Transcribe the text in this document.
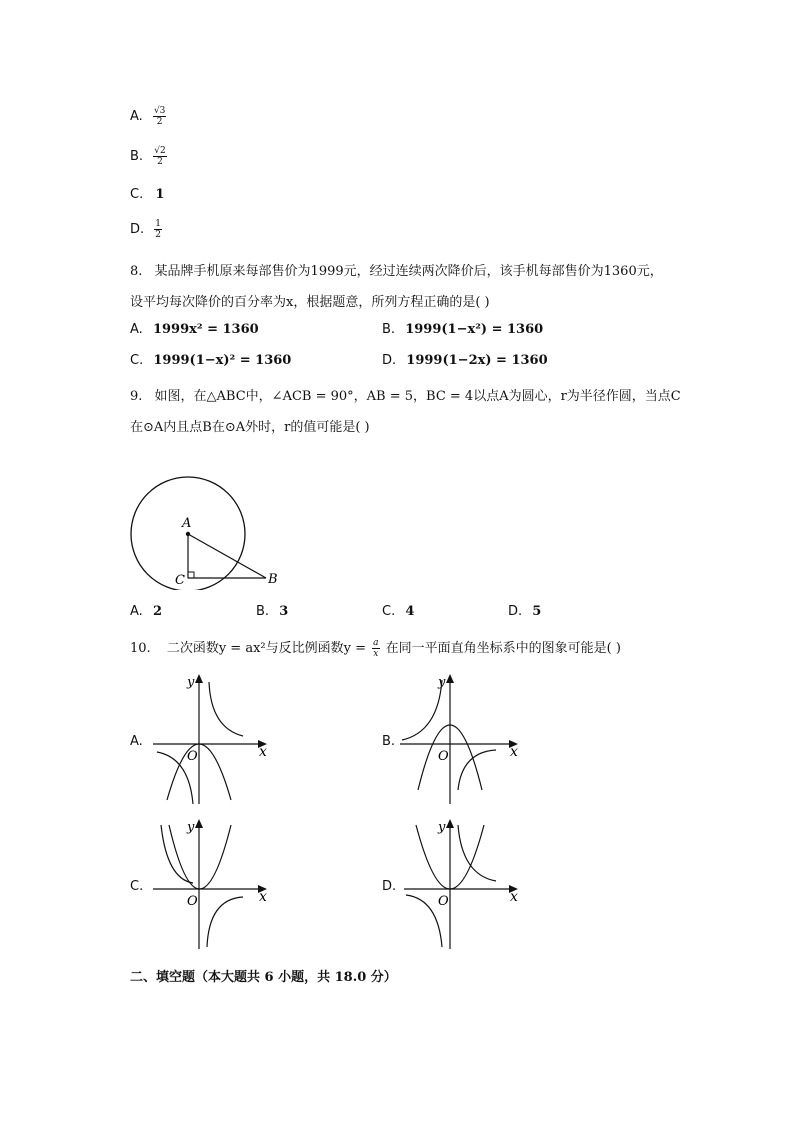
A. $\frac{√3}{2}$
B. $\frac{√2}{2}$
C. 1
D. $\frac{1}{2}$
8. 某品牌手机原来每部售价为1999元，经过连续两次降价后，该手机每部售价为1360元，
设平均每次降价的百分率为x，根据题意，所列方程正确的是( )
A. 1999x² = 1360	B. 1999(1−x²) = 1360
C. 1999(1−x)² = 1360	D. 1999(1−2x) = 1360
9. 如图，在△ABC中，∠ACB = 90°，AB = 5，BC = 4以点A为圆心，r为半径作圆，当点C
在⊙A内且点B在⊙A外时，r的值可能是( )
A
C	B
A. 2	B. 3	C. 4	D. 5
10. 二次函数y = ax²与反比例函数$y = \frac{a}{x}$ 在同一平面直角坐标系中的图象可能是( )
A.
x
y
O
B.
x
y
O
C.
x
y
O
D.
x
y
O
二、填空题（本大题共 6 小题，共 18.0 分）
